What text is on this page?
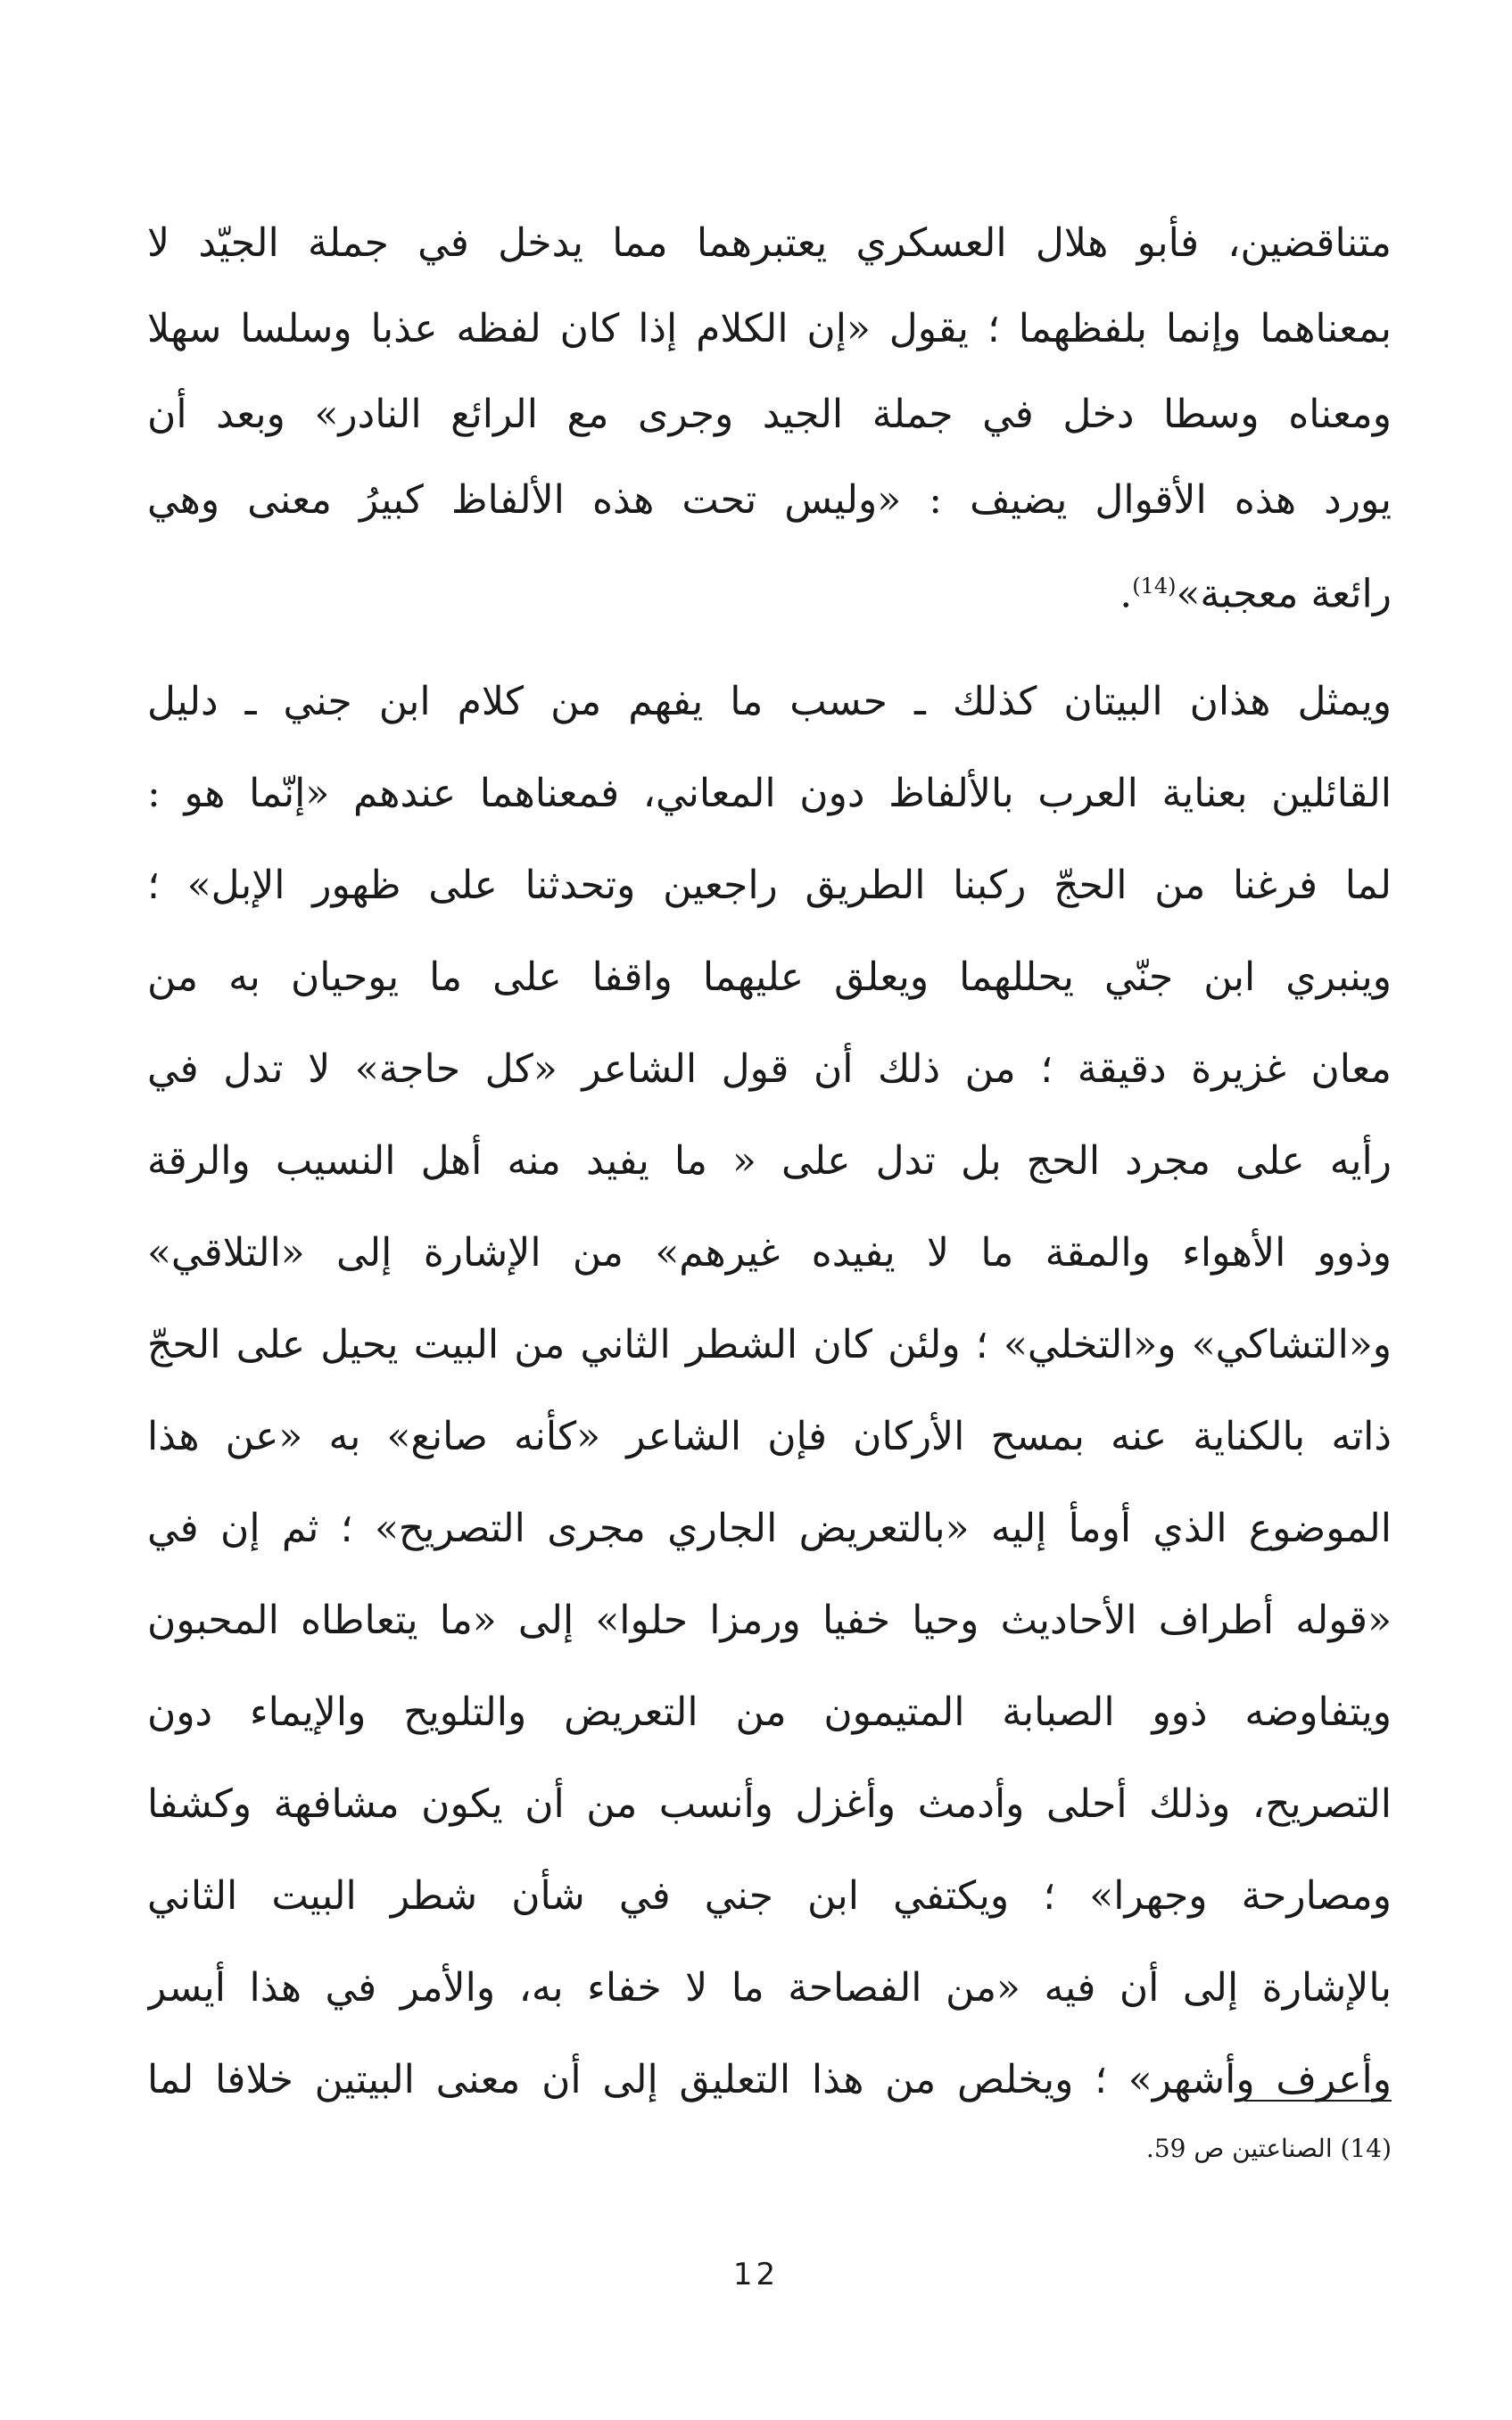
متناقضين، فأبو هلال العسكري يعتبرهما مما يدخل في جملة الجيّد لا
بمعناهما وإنما بلفظهما ؛ يقول «إن الكلام إذا كان لفظه عذبا وسلسا سهلا
ومعناه وسطا دخل في جملة الجيد وجرى مع الرائع النادر» وبعد أن
يورد هذه الأقوال يضيف : «وليس تحت هذه الألفاظ كبيرُ معنى وهي
رائعة معجبة»$^{(14)}$.
ويمثل هذان البيتان كذلك ـ حسب ما يفهم من كلام ابن جني ـ دليل
القائلين بعناية العرب بالألفاظ دون المعاني، فمعناهما عندهم «إنّما هو :
لما فرغنا من الحجّ ركبنا الطريق راجعين وتحدثنا على ظهور الإبل» ؛
وينبري ابن جنّي يحللهما ويعلق عليهما واقفا على ما يوحيان به من
معان غزيرة دقيقة ؛ من ذلك أن قول الشاعر «كل حاجة» لا تدل في
رأيه على مجرد الحج بل تدل على « ما يفيد منه أهل النسيب والرقة
وذوو الأهواء والمقة ما لا يفيده غيرهم» من الإشارة إلى «التلاقي»
و«التشاكي» و«التخلي» ؛ ولئن كان الشطر الثاني من البيت يحيل على الحجّ
ذاته بالكناية عنه بمسح الأركان فإن الشاعر «كأنه صانع» به «عن هذا
الموضوع الذي أومأ إليه «بالتعريض الجاري مجرى التصريح» ؛ ثم إن في
«قوله أطراف الأحاديث وحيا خفيا ورمزا حلوا» إلى «ما يتعاطاه المحبون
ويتفاوضه ذوو الصبابة المتيمون من التعريض والتلويح والإيماء دون
التصريح، وذلك أحلى وأدمث وأغزل وأنسب من أن يكون مشافهة وكشفا
ومصارحة وجهرا» ؛ ويكتفي ابن جني في شأن شطر البيت الثاني
بالإشارة إلى أن فيه «من الفصاحة ما لا خفاء به، والأمر في هذا أيسر
وأعرف وأشهر» ؛ ويخلص من هذا التعليق إلى أن معنى البيتين خلافا لما
(14) الصناعتين ص 59.
12
